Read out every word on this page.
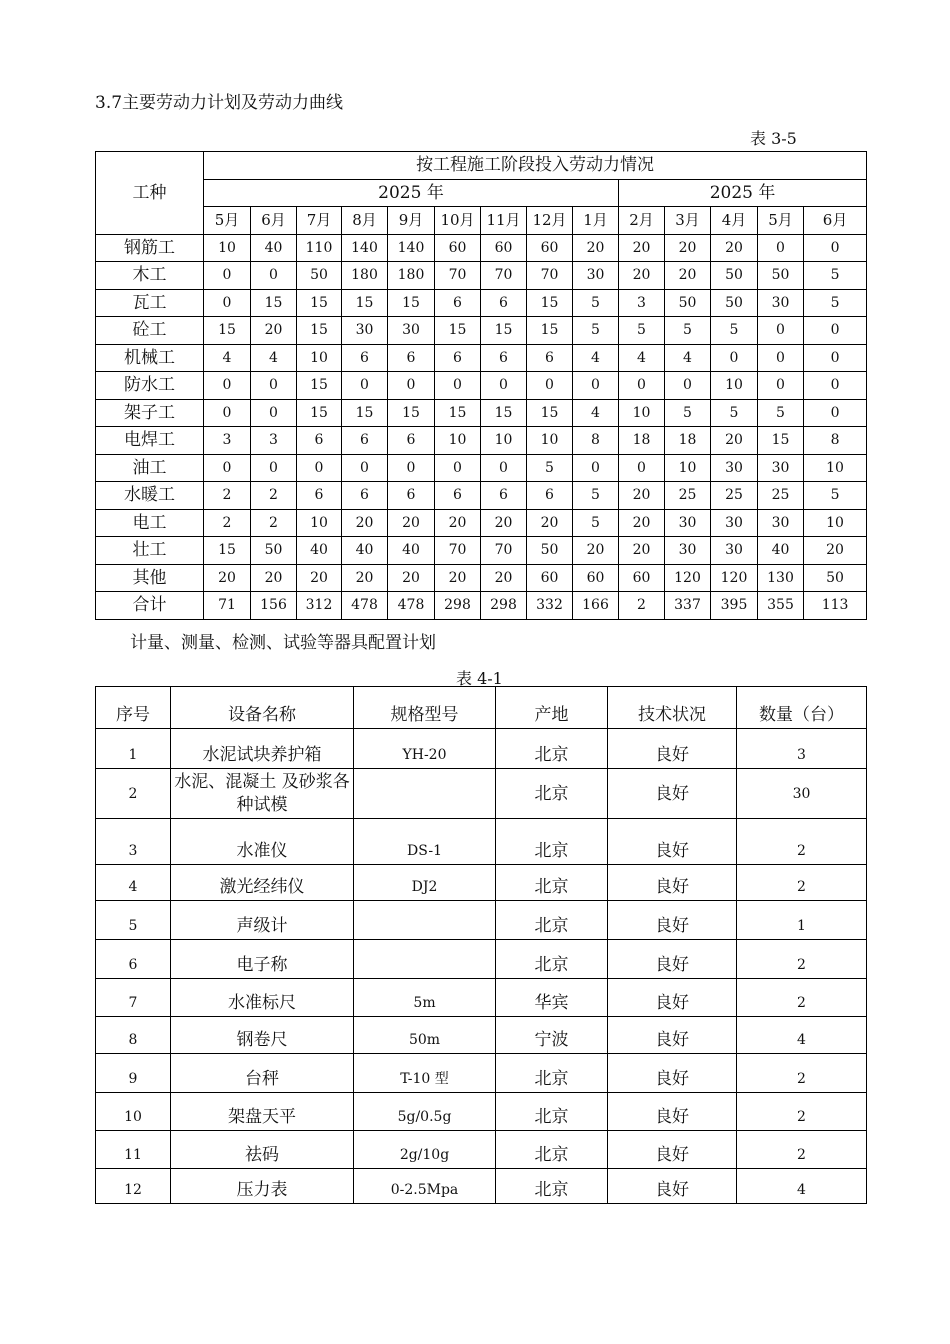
3.7主要劳动力计划及劳动力曲线
表 3-5
工种	按工程施工阶段投入劳动力情况													
	2025 年									2025 年				
	5月	6月	7月	8月	9月	10月	11月	12月	1月	2月	3月	4月	5月	6月
钢筋工	10	40	110	140	140	60	60	60	20	20	20	20	0	0
木工	0	0	50	180	180	70	70	70	30	20	20	50	50	5
瓦工	0	15	15	15	15	6	6	15	5	3	50	50	30	5
砼工	15	20	15	30	30	15	15	15	5	5	5	5	0	0
机械工	4	4	10	6	6	6	6	6	4	4	4	0	0	0
防水工	0	0	15	0	0	0	0	0	0	0	0	10	0	0
架子工	0	0	15	15	15	15	15	15	4	10	5	5	5	0
电焊工	3	3	6	6	6	10	10	10	8	18	18	20	15	8
油工	0	0	0	0	0	0	0	5	0	0	10	30	30	10
水暖工	2	2	6	6	6	6	6	6	5	20	25	25	25	5
电工	2	2	10	20	20	20	20	20	5	20	30	30	30	10
壮工	15	50	40	40	40	70	70	50	20	20	30	30	40	20
其他	20	20	20	20	20	20	20	60	60	60	120	120	130	50
合计	71	156	312	478	478	298	298	332	166	2	337	395	355	113
计量、测量、检测、试验等器具配置计划
表 4-1
序号	设备名称	规格型号	产地	技术状况	数量（台）
1	水泥试块养护箱	YH-20	北京	良好	3
2	水泥、混凝土 及砂浆各种试模		北京	良好	30
3	水准仪	DS-1	北京	良好	2
4	激光经纬仪	DJ2	北京	良好	2
5	声级计		北京	良好	1
6	电子称		北京	良好	2
7	水准标尺	5m	华宾	良好	2
8	钢卷尺	50m	宁波	良好	4
9	台秤	T-10 型	北京	良好	2
10	架盘天平	5g/0.5g	北京	良好	2
11	祛码	2g/10g	北京	良好	2
12	压力表	0-2.5Mpa	北京	良好	4
